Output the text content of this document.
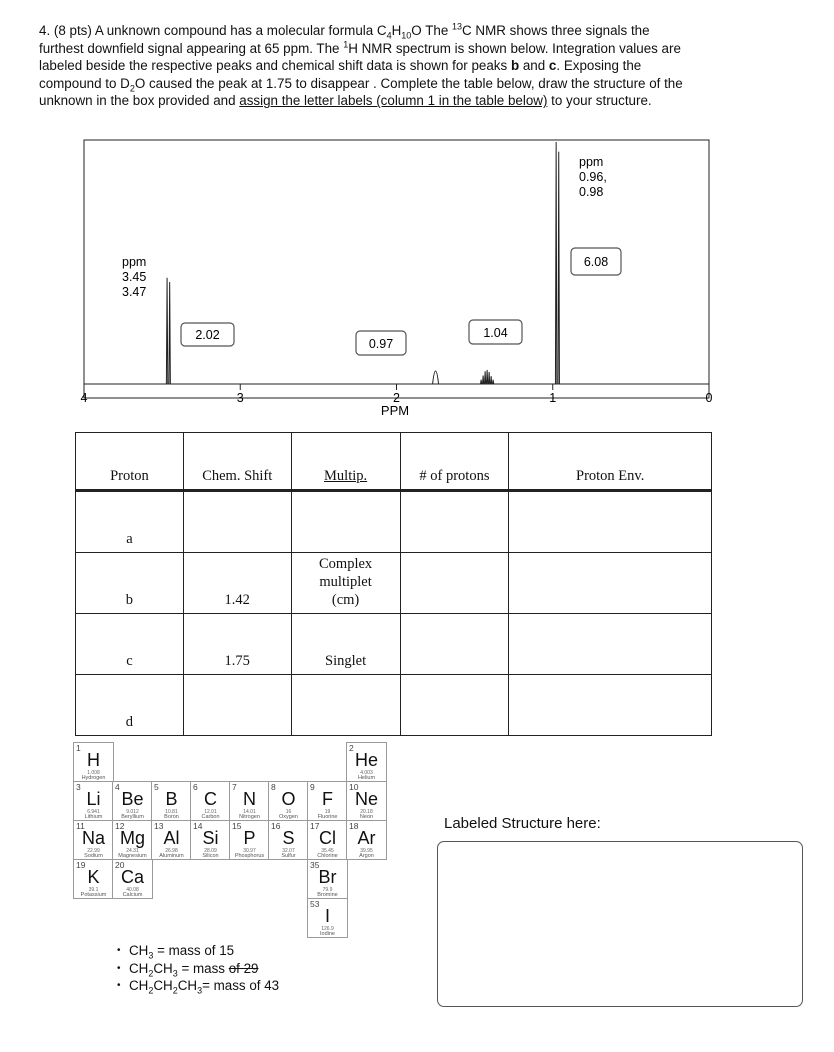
4. (8 pts) A unknown compound has a molecular formula $C_4H_{10}O$ The $^{13}$C NMR shows three signals the

furthest downfield signal appearing at 65 ppm. The $^1$H NMR spectrum is shown below. Integration values are

labeled beside the respective peaks and chemical shift data is shown for peaks b and c. Exposing the

compound to $D_2O$ caused the peak at 1.75 to disappear . Complete the table below, draw the structure of the

unknown in the box provided and assign the letter labels (column 1 in the table below) to your structure.

4	3	2	1	0
ppm
3.45
3.47
ppm
0.96,
0.98
2.02
0.97
1.04
6.08
PPM
Proton	Chem. Shift	Multip.	# of protons	Proton Env.
a				
b	1.42	Complex
multiplet
(cm)		

c	1.75	Singlet		

d				
1
H
1.008
Hydrogen
2
He
4.003
Helium
3
Li
6.941
Lithium
4
Be
9.012
Beryllium
5
B
10.81
Boron
6
C
12.01
Carbon
7
N
14.01
Nitrogen
8
O
16
Oxygen
9
F
19
Fluorine
10
Ne
20.18
Neon
11
Na
22.99
Sodium
12
Mg
24.31
Magnesium
13
Al
26.98
Aluminum
14
Si
28.09
Silicon
15
P
30.97
Phosphorus
16
S
32.07
Sulfur
17
Cl
35.45
Chlorine
18
Ar
39.95
Argon
19
K
39.1
Potassium
20
Ca
40.08
Calcium
35
Br
79.9
Bromine
53
I
126.9
Iodine
• $CH_3$ = mass of 15
• $CH_2CH_3$ = mass of 29
• $CH_2CH_2CH_3=$ mass of 43
Labeled Structure here:
